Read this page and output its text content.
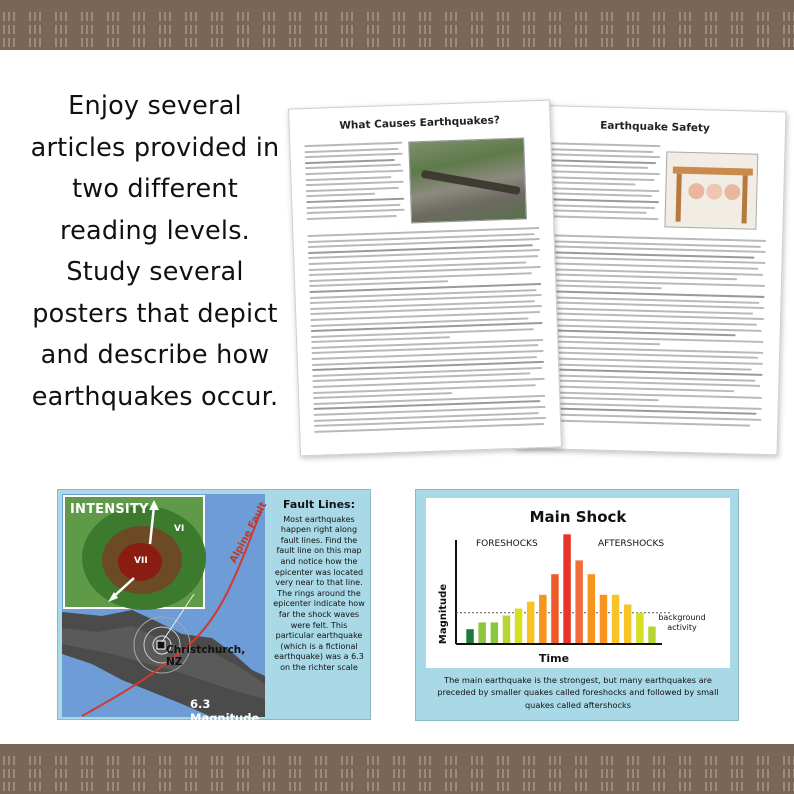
Enjoy several
articles provided in
two different
reading levels.
Study several
posters that depict
and describe how
earthquakes occur.
Earthquake Safety
What Causes Earthquakes?
INTENSITY
VI
VII	Alpine Fault
Christchurch, NZ
6.3 Magnitude
Fault Lines:
Most earthquakes happen right along fault lines. Find the fault line on this map and notice how the epicenter was located very near to that line. The rings around the epicenter indicate how far the shock waves were felt. This particular earthquake (which is a fictional earthquake) was a 6.3 on the richter scale
Main Shock
FORESHOCKS	AFTERSHOCKS
Magnitude
Time
background
activity
The main earthquake is the strongest, but many earthquakes are preceded by smaller quakes called foreshocks and followed by small quakes called aftershocks
